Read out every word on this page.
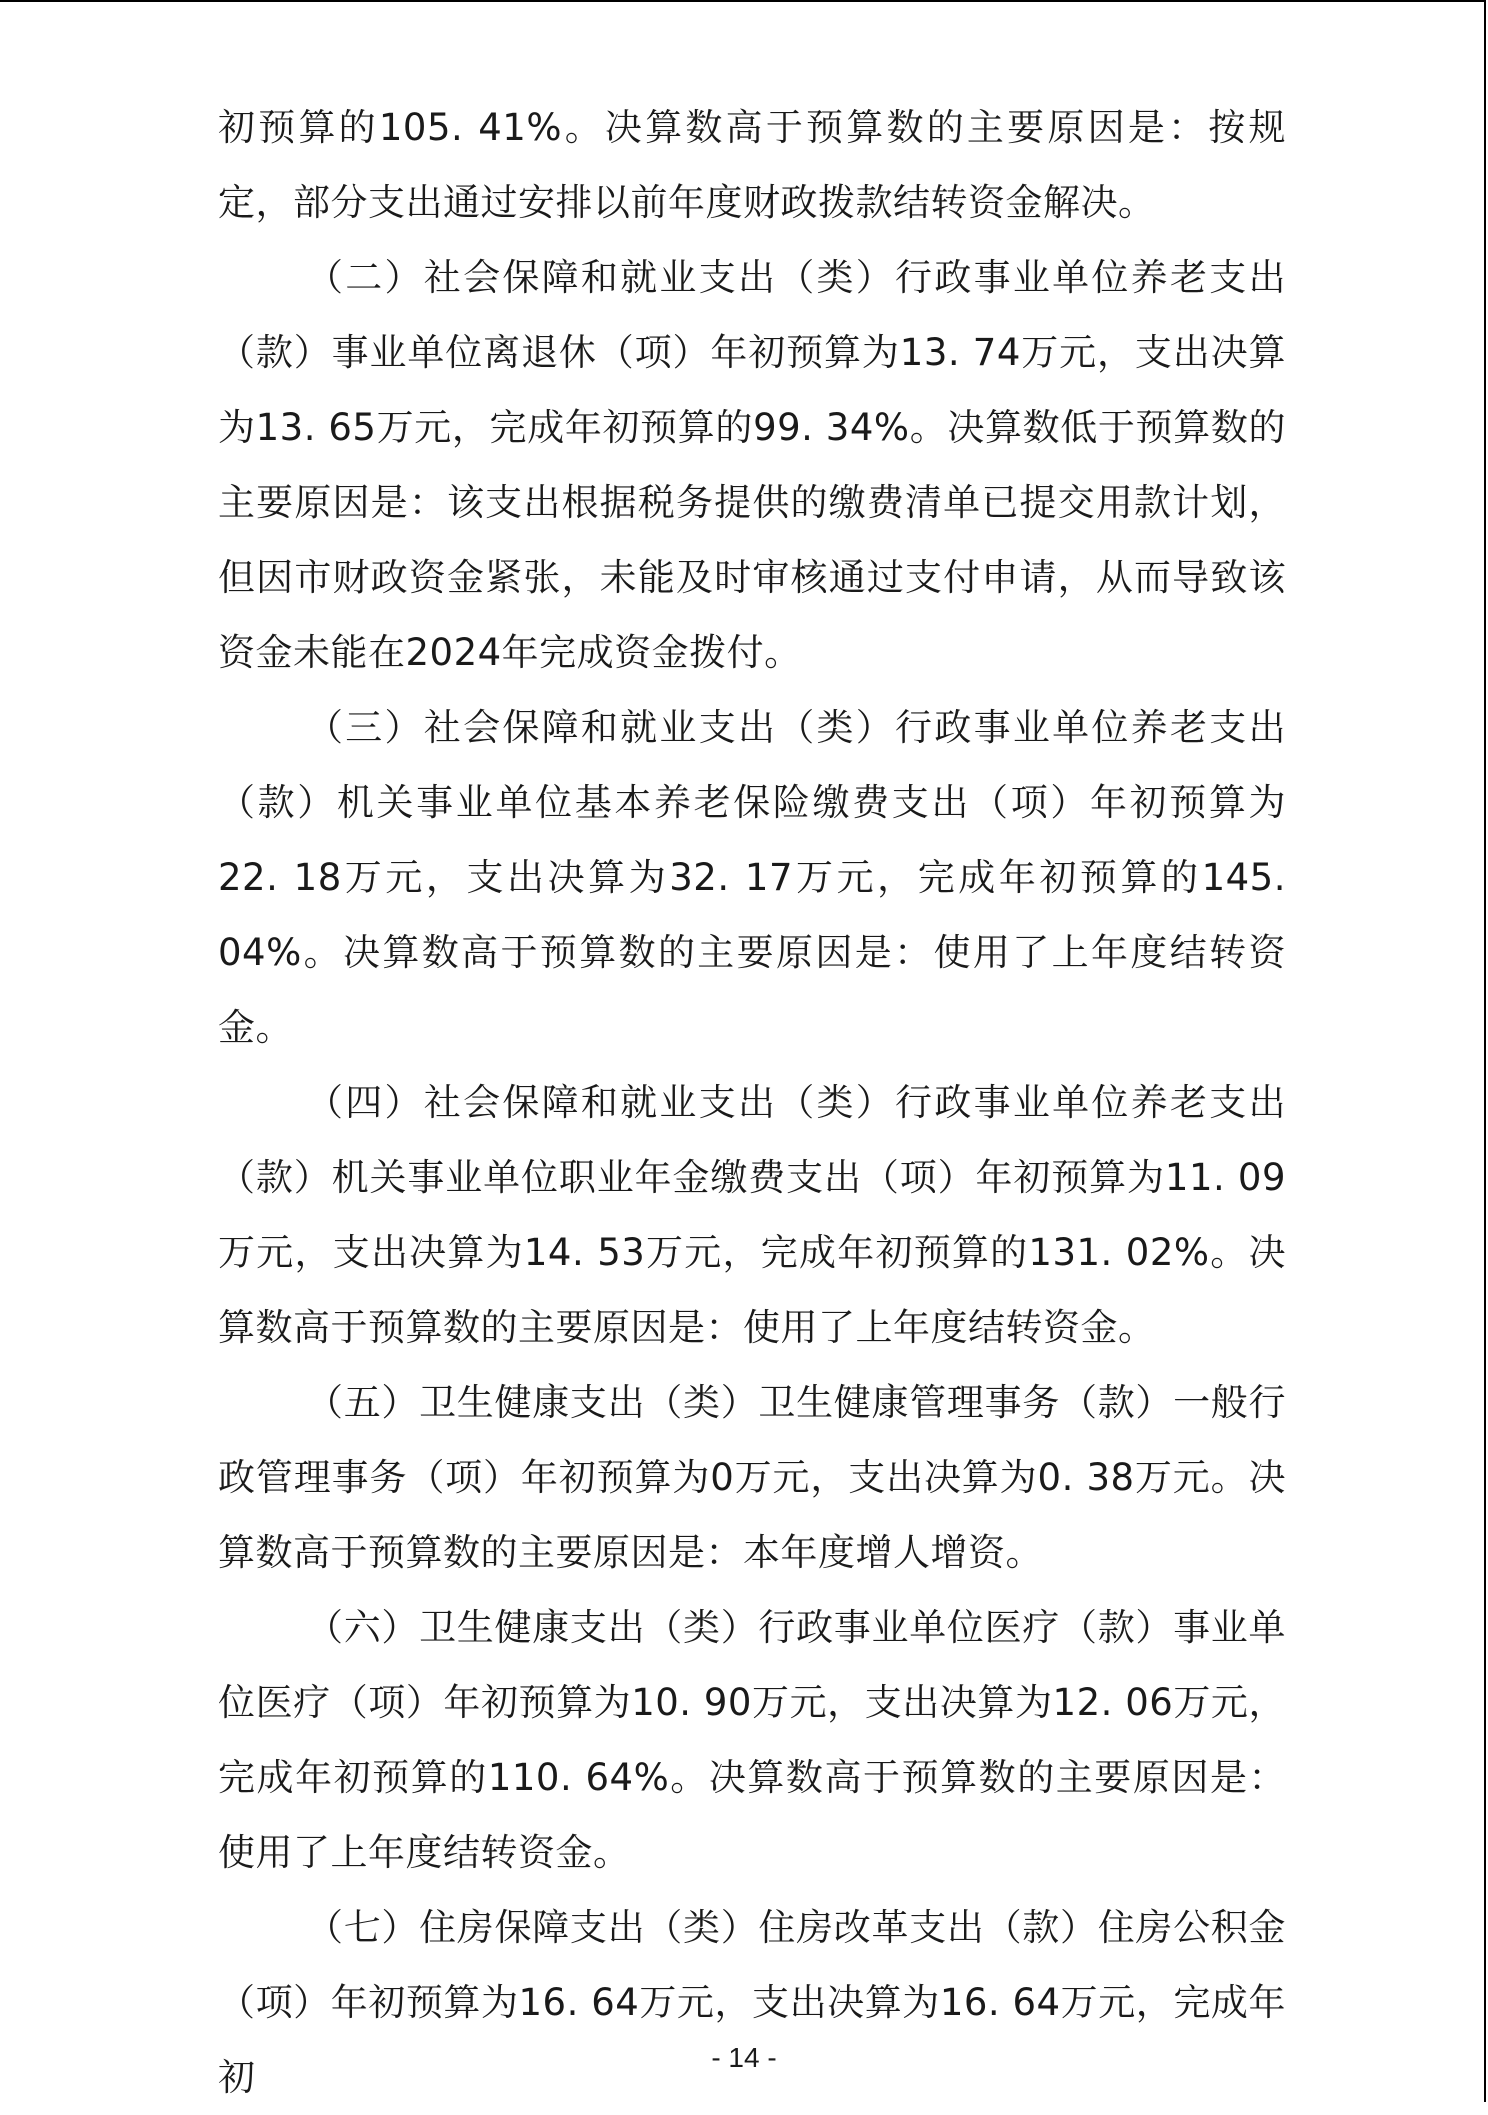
初预算的105. 41%。决算数高于预算数的主要原因是：按规定，部分支出通过安排以前年度财政拨款结转资金解决。

（二）社会保障和就业支出（类）行政事业单位养老支出（款）事业单位离退休（项）年初预算为13. 74万元，支出决算为13. 65万元，完成年初预算的99. 34%。决算数低于预算数的主要原因是：该支出根据税务提供的缴费清单已提交用款计划，但因市财政资金紧张，未能及时审核通过支付申请，从而导致该资金未能在2024年完成资金拨付。

（三）社会保障和就业支出（类）行政事业单位养老支出（款）机关事业单位基本养老保险缴费支出（项）年初预算为22. 18万元，支出决算为32. 17万元，完成年初预算的145. 04%。决算数高于预算数的主要原因是：使用了上年度结转资金。

（四）社会保障和就业支出（类）行政事业单位养老支出（款）机关事业单位职业年金缴费支出（项）年初预算为11. 09万元，支出决算为14. 53万元，完成年初预算的131. 02%。决算数高于预算数的主要原因是：使用了上年度结转资金。

（五）卫生健康支出（类）卫生健康管理事务（款）一般行政管理事务（项）年初预算为0万元，支出决算为0. 38万元。决算数高于预算数的主要原因是：本年度增人增资。

（六）卫生健康支出（类）行政事业单位医疗（款）事业单位医疗（项）年初预算为10. 90万元，支出决算为12. 06万元，完成年初预算的110. 64%。决算数高于预算数的主要原因是：使用了上年度结转资金。

（七）住房保障支出（类）住房改革支出（款）住房公积金（项）年初预算为16. 64万元，支出决算为16. 64万元，完成年初	- 14 -
